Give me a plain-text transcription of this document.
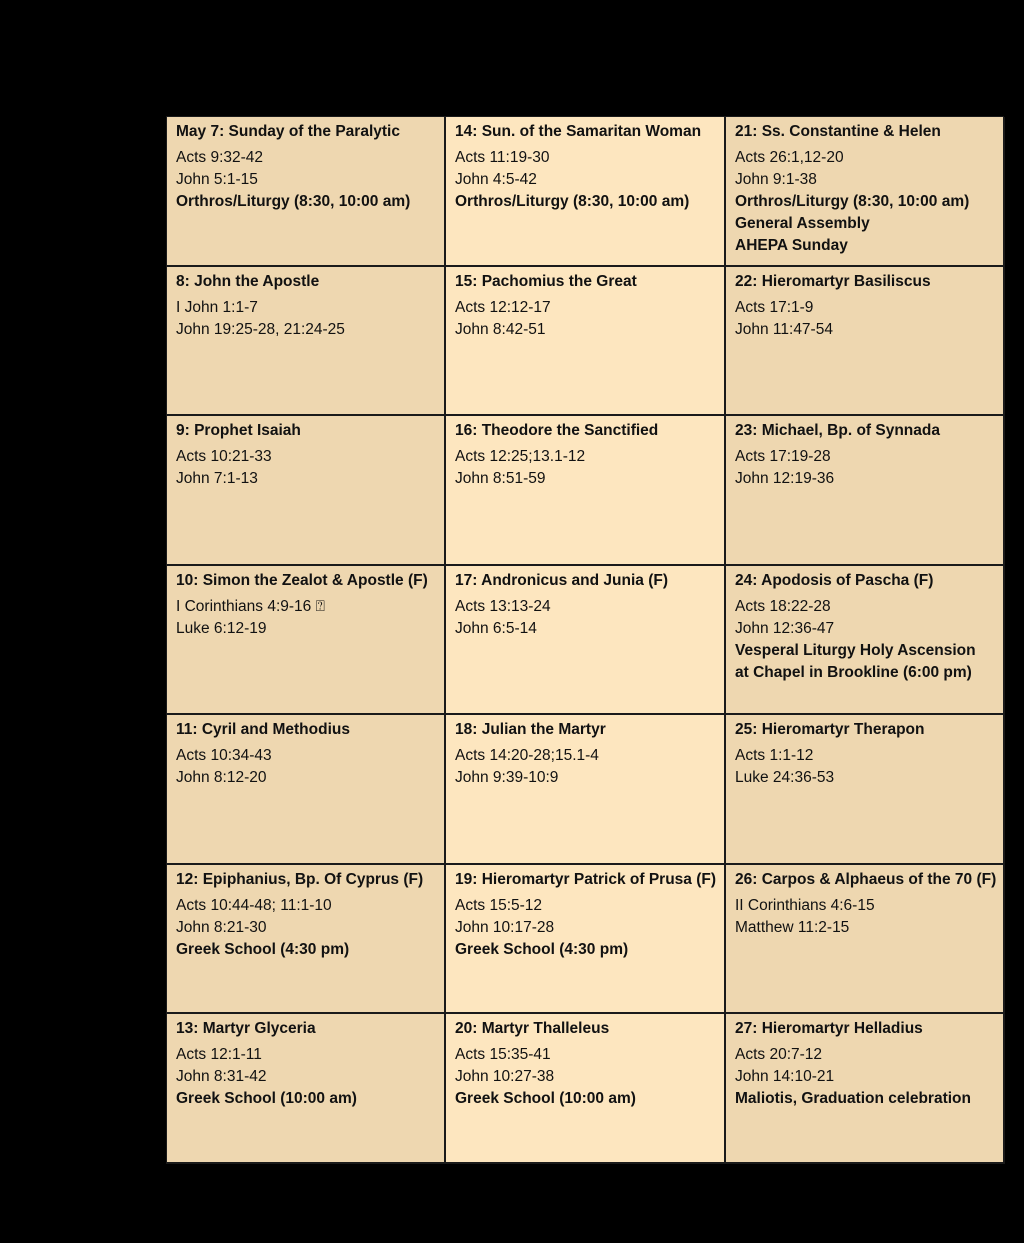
May 7: Sunday of the Paralytic
Acts 9:32-42
John 5:1-15
Orthros/Liturgy (8:30, 10:00 am)
14: Sun. of the Samaritan Woman
Acts 11:19-30
John 4:5-42
Orthros/Liturgy (8:30, 10:00 am)
21: Ss. Constantine & Helen
Acts 26:1,12-20
John 9:1-38
Orthros/Liturgy (8:30, 10:00 am)
General Assembly
AHEPA Sunday
8: John the Apostle
I John 1:1-7
John 19:25-28, 21:24-25
15: Pachomius the Great
Acts 12:12-17
John 8:42-51
22: Hieromartyr Basiliscus
Acts 17:1-9
John 11:47-54
9: Prophet Isaiah
Acts 10:21-33
John 7:1-13
16: Theodore the Sanctified
Acts 12:25;13.1-12
John 8:51-59
23: Michael, Bp. of Synnada
Acts 17:19-28
John 12:19-36
10: Simon the Zealot & Apostle (F)
I Corinthians 4:9-16 ⍰
Luke 6:12-19
17: Andronicus and Junia (F)
Acts 13:13-24
John 6:5-14
24: Apodosis of Pascha (F)
Acts 18:22-28
John 12:36-47
Vesperal Liturgy Holy Ascension
at Chapel in Brookline (6:00 pm)
11: Cyril and Methodius
Acts 10:34-43
John 8:12-20
18: Julian the Martyr
Acts 14:20-28;15.1-4
John 9:39-10:9
25: Hieromartyr Therapon
Acts 1:1-12
Luke 24:36-53
12: Epiphanius, Bp. Of Cyprus (F)
Acts 10:44-48; 11:1-10
John 8:21-30
Greek School (4:30 pm)
19: Hieromartyr Patrick of Prusa (F)
Acts 15:5-12
John 10:17-28
Greek School (4:30 pm)
26: Carpos & Alphaeus of the 70 (F)
II Corinthians 4:6-15
Matthew 11:2-15
13: Martyr Glyceria
Acts 12:1-11
John 8:31-42
Greek School (10:00 am)
20: Martyr Thalleleus
Acts 15:35-41
John 10:27-38
Greek School (10:00 am)
27: Hieromartyr Helladius
Acts 20:7-12
John 14:10-21
Maliotis, Graduation celebration
